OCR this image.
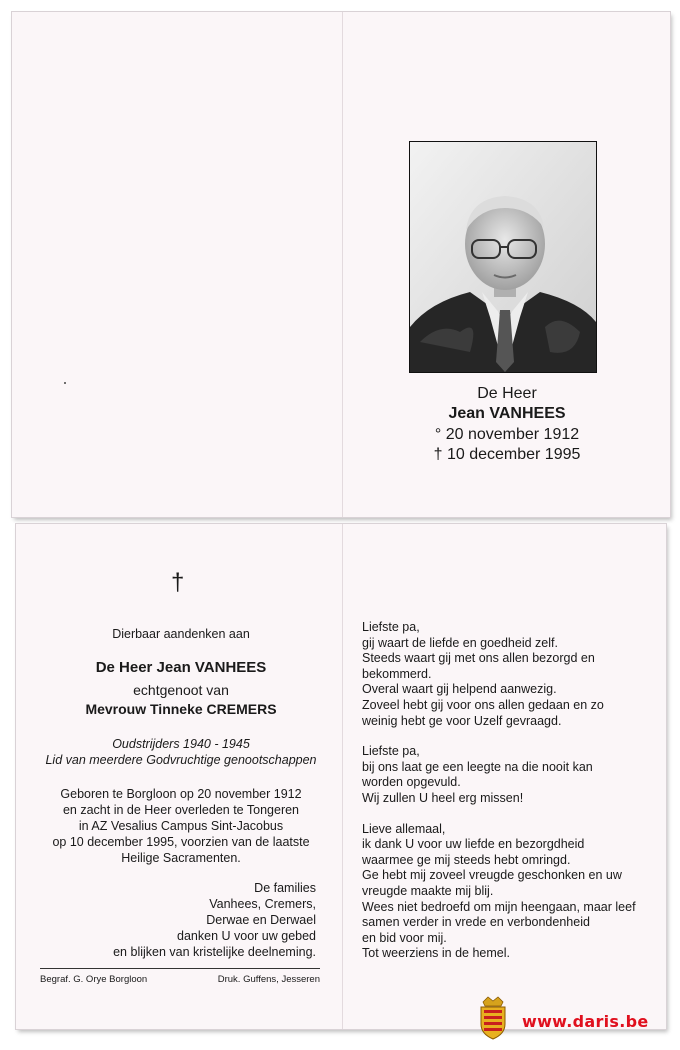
De Heer
Jean VANHEES
° 20 november 1912
† 10 december 1995
†
Dierbaar aandenken aan
De Heer Jean VANHEES
echtgenoot van
Mevrouw Tinneke CREMERS
Oudstrijders 1940 - 1945
Lid van meerdere Godvruchtige genootschappen
Geboren te Borgloon op 20 november 1912
en zacht in de Heer overleden te Tongeren
in AZ Vesalius Campus Sint-Jacobus
op 10 december 1995, voorzien van de laatste
Heilige Sacramenten.
De families
Vanhees, Cremers,
Derwae en Derwael
danken U voor uw gebed
en blijken van kristelijke deelneming.
Begraf. G. Orye Borgloon	Druk. Guffens, Jesseren
Liefste pa,
gij waart de liefde en goedheid zelf.
Steeds waart gij met ons allen bezorgd en
bekommerd.
Overal waart gij helpend aanwezig.
Zoveel hebt gij voor ons allen gedaan en zo
weinig hebt ge voor Uzelf gevraagd.
Liefste pa,
bij ons laat ge een leegte na die nooit kan
worden opgevuld.
Wij zullen U heel erg missen!
Lieve allemaal,
ik dank U voor uw liefde en bezorgdheid
waarmee ge mij steeds hebt omringd.
Ge hebt mij zoveel vreugde geschonken en uw
vreugde maakte mij blij.
Wees niet bedroefd om mijn heengaan, maar leef
samen verder in vrede en verbondenheid
en bid voor mij.
Tot weerziens in de hemel.
www.daris.be
